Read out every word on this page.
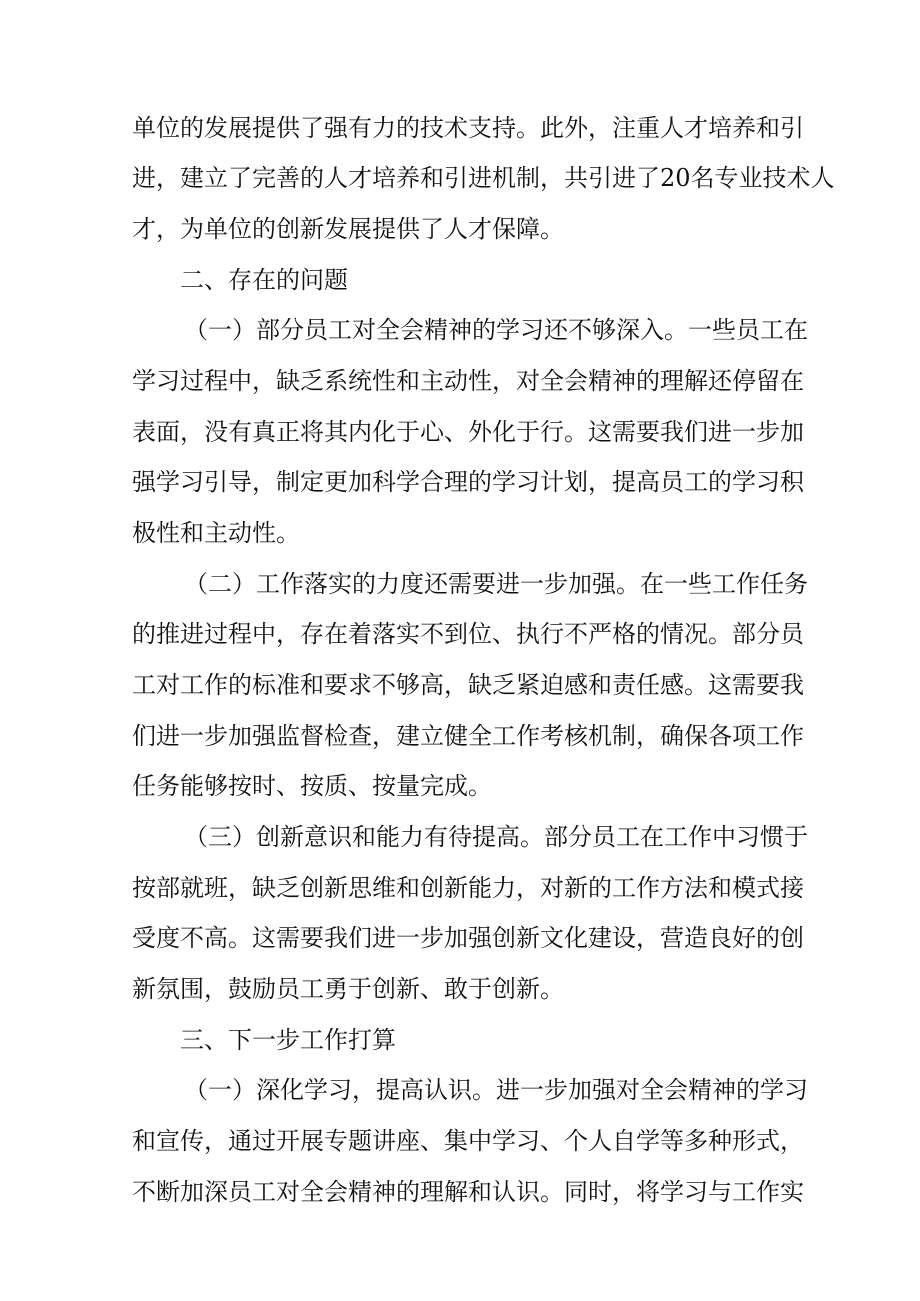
单位的发展提供了强有力的技术支持。此外，注重人才培养和引
进，建立了完善的人才培养和引进机制，共引进了20名专业技术人
才，为单位的创新发展提供了人才保障。
二、存在的问题
（一）部分员工对全会精神的学习还不够深入。一些员工在
学习过程中，缺乏系统性和主动性，对全会精神的理解还停留在
表面，没有真正将其内化于心、外化于行。这需要我们进一步加
强学习引导，制定更加科学合理的学习计划，提高员工的学习积
极性和主动性。
（二）工作落实的力度还需要进一步加强。在一些工作任务
的推进过程中，存在着落实不到位、执行不严格的情况。部分员
工对工作的标准和要求不够高，缺乏紧迫感和责任感。这需要我
们进一步加强监督检查，建立健全工作考核机制，确保各项工作
任务能够按时、按质、按量完成。
（三）创新意识和能力有待提高。部分员工在工作中习惯于
按部就班，缺乏创新思维和创新能力，对新的工作方法和模式接
受度不高。这需要我们进一步加强创新文化建设，营造良好的创
新氛围，鼓励员工勇于创新、敢于创新。
三、下一步工作打算
（一）深化学习，提高认识。进一步加强对全会精神的学习
和宣传，通过开展专题讲座、集中学习、个人自学等多种形式，
不断加深员工对全会精神的理解和认识。同时，将学习与工作实
